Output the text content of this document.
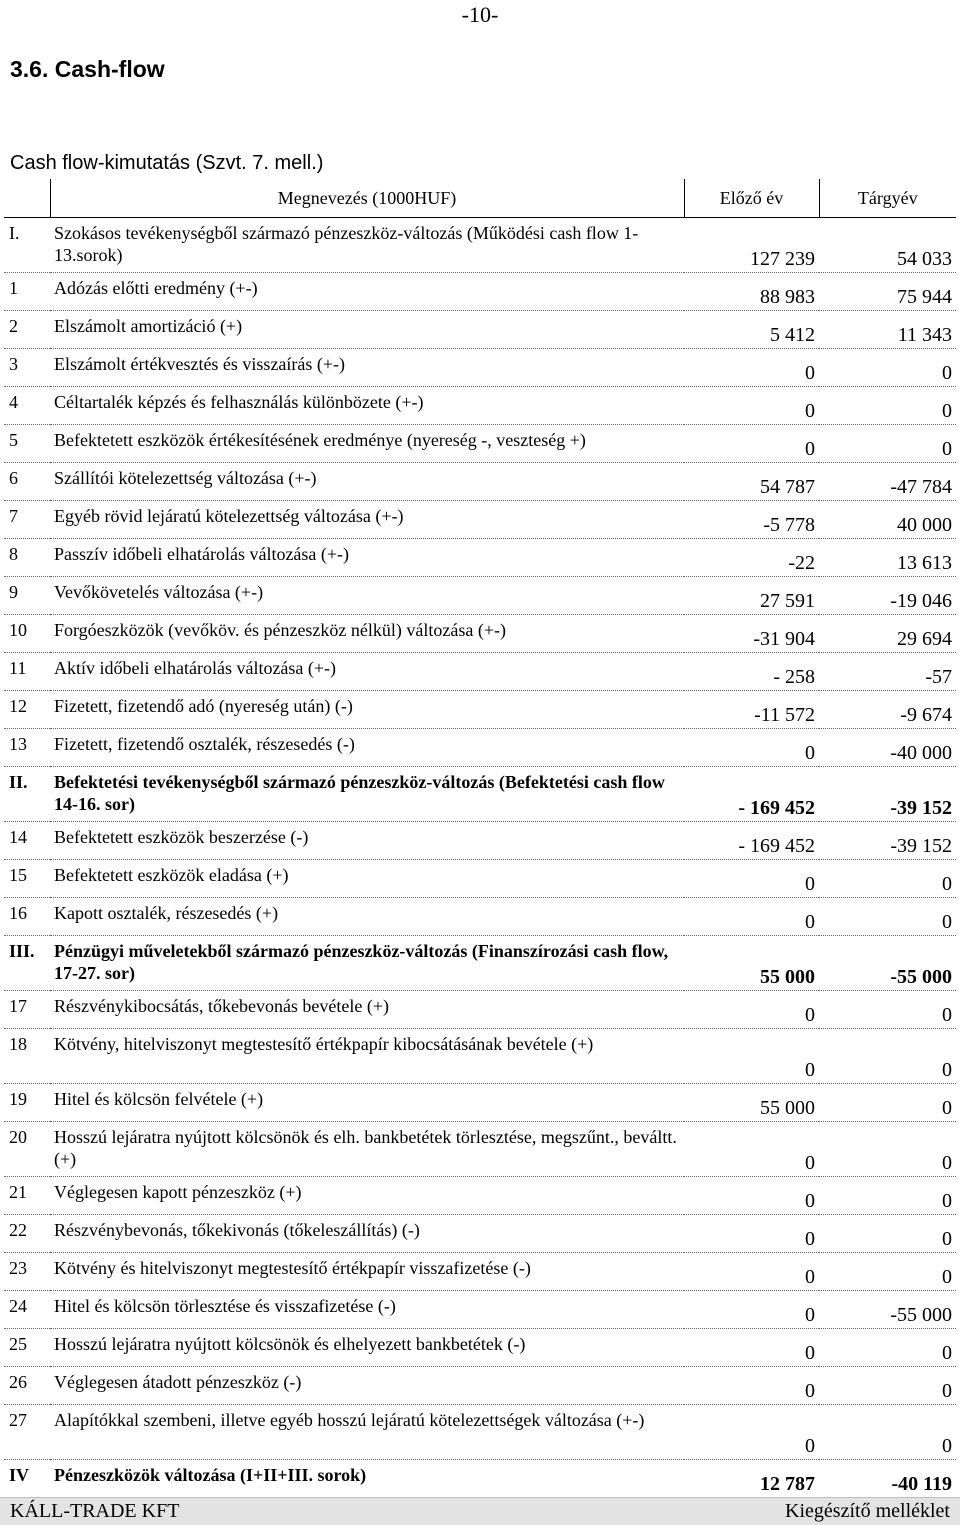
-10-
3.6. Cash-flow
Cash flow-kimutatás (Szvt. 7. mell.)
	Megnevezés (1000HUF)	Előző év	Tárgyév
I.	Szokásos tevékenységből származó pénzeszköz-változás (Működési cash flow 1-13.sorok)	127 239	54 033
1	Adózás előtti eredmény (+-)	88 983	75 944
2	Elszámolt amortizáció (+)	5 412	11 343
3	Elszámolt értékvesztés és visszaírás (+-)	0	0
4	Céltartalék képzés és felhasználás különbözete (+-)	0	0
5	Befektetett eszközök értékesítésének eredménye (nyereség -, veszteség +)	0	0
6	Szállítói kötelezettség változása (+-)	54 787	-47 784
7	Egyéb rövid lejáratú kötelezettség változása (+-)	-5 778	40 000
8	Passzív időbeli elhatárolás változása (+-)	-22	13 613
9	Vevőkövetelés változása (+-)	27 591	-19 046
10	Forgóeszközök (vevőköv. és pénzeszköz nélkül) változása (+-)	-31 904	29 694
11	Aktív időbeli elhatárolás változása (+-)	- 258	-57
12	Fizetett, fizetendő adó (nyereség után) (-)	-11 572	-9 674
13	Fizetett, fizetendő osztalék, részesedés (-)	0	-40 000
II.	Befektetési tevékenységből származó pénzeszköz-változás (Befektetési cash flow 14-16. sor)	- 169 452	-39 152
14	Befektetett eszközök beszerzése (-)	- 169 452	-39 152
15	Befektetett eszközök eladása (+)	0	0
16	Kapott osztalék, részesedés (+)	0	0
III.	Pénzügyi műveletekből származó pénzeszköz-változás (Finanszírozási cash flow, 17-27. sor)	55 000	-55 000
17	Részvénykibocsátás, tőkebevonás bevétele (+)	0	0
18	Kötvény, hitelviszonyt megtestesítő értékpapír kibocsátásának bevétele (+)	0	0
19	Hitel és kölcsön felvétele (+)	55 000	0
20	Hosszú lejáratra nyújtott kölcsönök és elh. bankbetétek törlesztése, megszűnt., beváltt.(+)	0	0
21	Véglegesen kapott pénzeszköz (+)	0	0
22	Részvénybevonás, tőkekivonás (tőkeleszállítás) (-)	0	0
23	Kötvény és hitelviszonyt megtestesítő értékpapír visszafizetése (-)	0	0
24	Hitel és kölcsön törlesztése és visszafizetése (-)	0	-55 000
25	Hosszú lejáratra nyújtott kölcsönök és elhelyezett bankbetétek (-)	0	0
26	Véglegesen átadott pénzeszköz (-)	0	0
27	Alapítókkal szembeni, illetve egyéb hosszú lejáratú kötelezettségek változása (+-)	0	0
IV	Pénzeszközök változása (I+II+III. sorok)	12 787	-40 119
KÁLL-TRADE KFT	Kiegészítő melléklet
